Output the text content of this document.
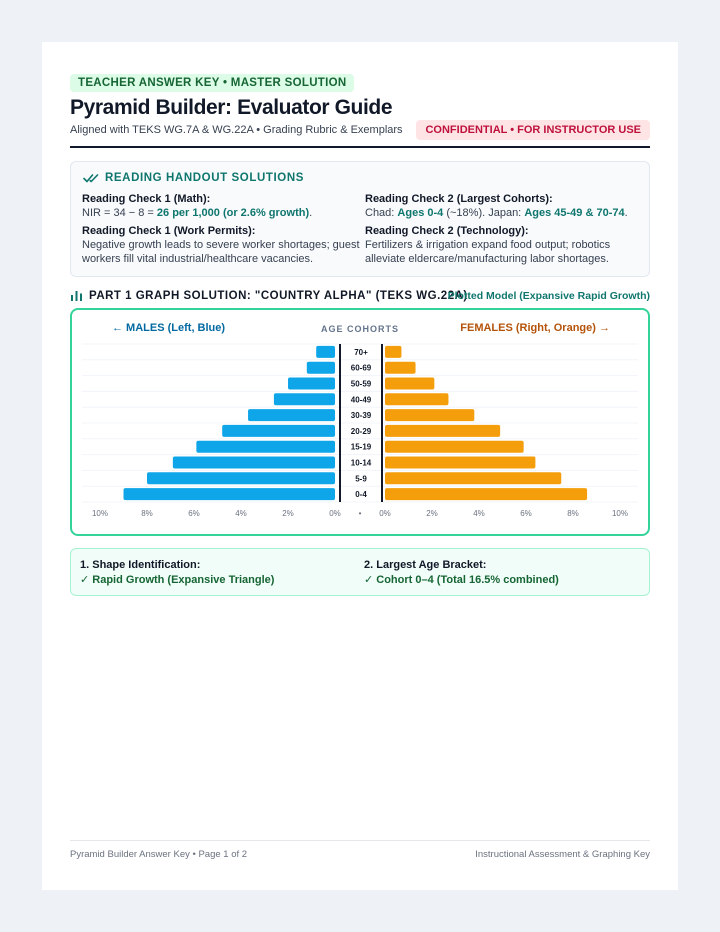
TEACHER ANSWER KEY • MASTER SOLUTION
Pyramid Builder: Evaluator Guide
Aligned with TEKS WG.7A & WG.22A • Grading Rubric & Exemplars	CONFIDENTIAL • FOR INSTRUCTOR USE
READING HANDOUT SOLUTIONS
Reading Check 1 (Math):
NIR = 34 − 8 = 26 per 1,000 (or 2.6% growth).
Reading Check 2 (Largest Cohorts):
Chad: Ages 0-4 (~18%). Japan: Ages 45-49 & 70-74.
Reading Check 1 (Work Permits):
Negative growth leads to severe worker shortages; guest workers fill vital industrial/healthcare vacancies.
Reading Check 2 (Technology):
Fertilizers & irrigation expand food output; robotics alleviate eldercare/manufacturing labor shortages.
PART 1 GRAPH SOLUTION: "COUNTRY ALPHA" (TEKS WG.22A)
Plotted Model (Expansive Rapid Growth)
← MALES (Left, Blue)	AGE COHORTS	FEMALES (Right, Orange) →
70+
60-69
50-59
40-49
30-39
20-29
15-19
10-14
5-9
0-4
10%	8%	6%	4%	2%	0% • 0%	2%	4%	6%	8%	10%
1. Shape Identification:
✓ Rapid Growth (Expansive Triangle)
2. Largest Age Bracket:
✓ Cohort 0–4 (Total 16.5% combined)
Pyramid Builder Answer Key • Page 1 of 2	Instructional Assessment & Graphing Key
